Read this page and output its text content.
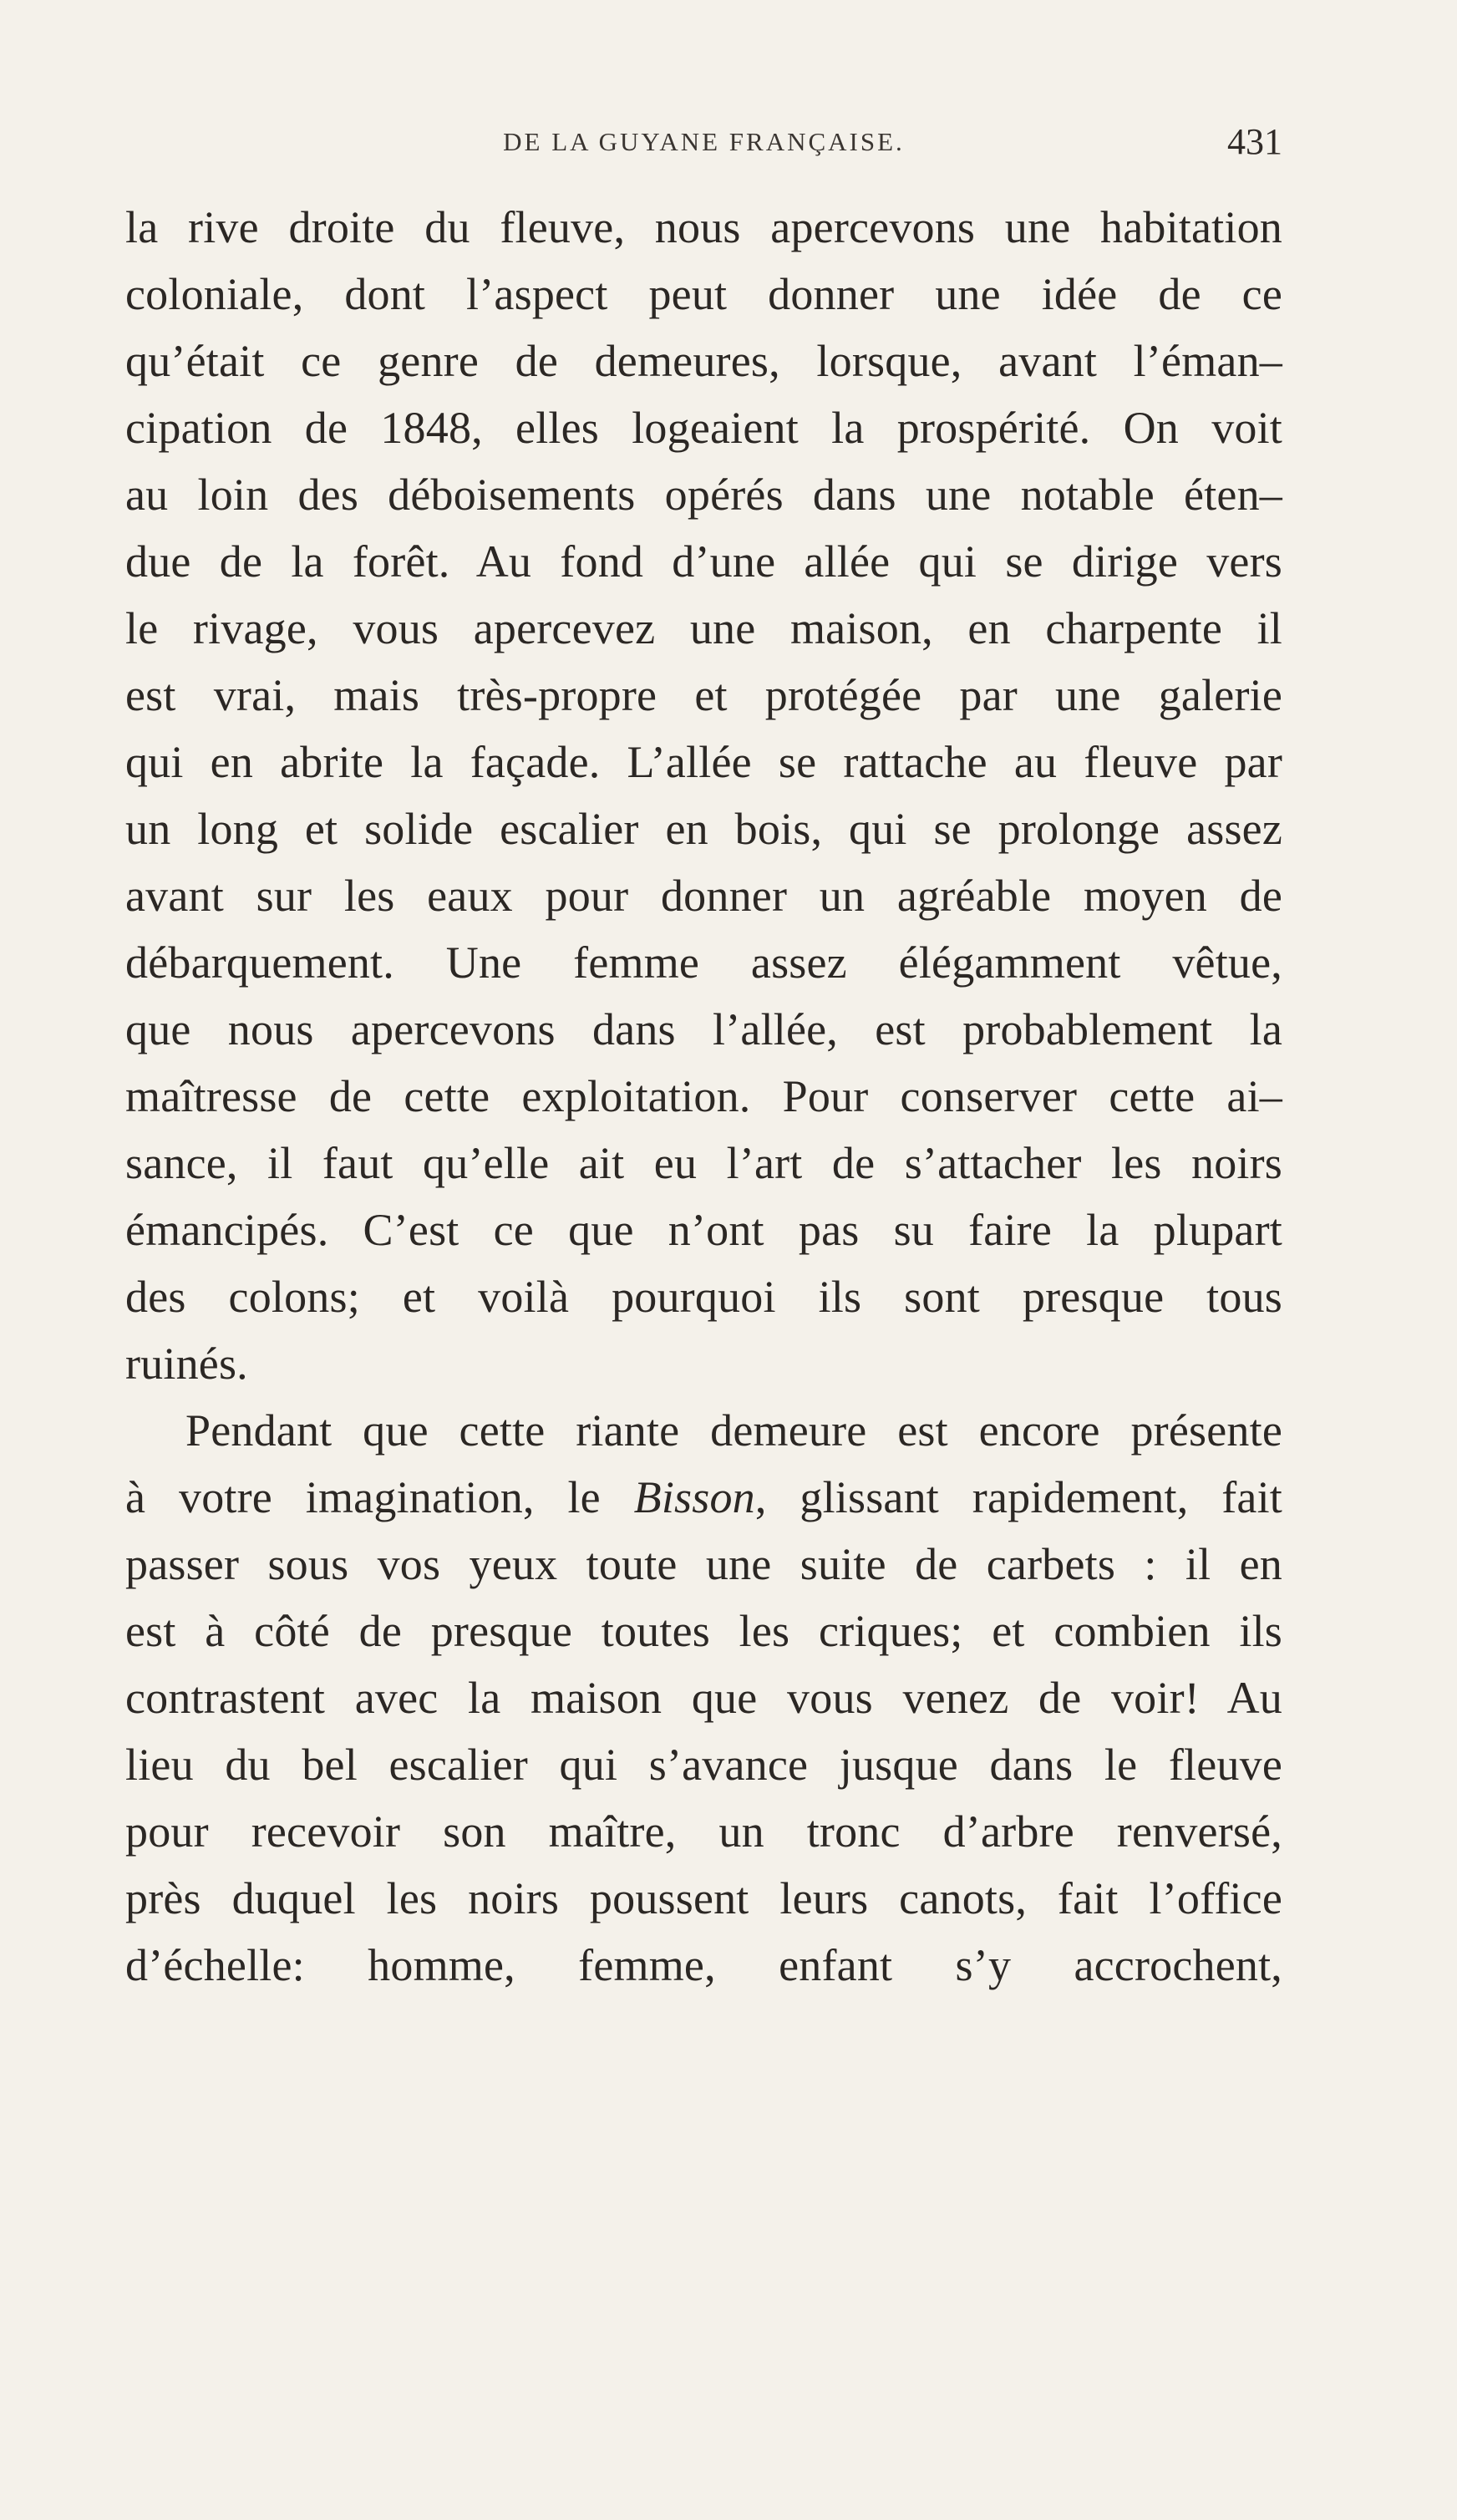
DE LA GUYANE FRANÇAISE.	431
la rive droite du fleuve, nous apercevons une habitation
coloniale, dont l’aspect peut donner une idée de ce
qu’était ce genre de demeures, lorsque, avant l’éman–
cipation de 1848, elles logeaient la prospérité. On voit
au loin des déboisements opérés dans une notable éten–
due de la forêt. Au fond d’une allée qui se dirige vers
le rivage, vous apercevez une maison, en charpente il
est vrai, mais très-propre et protégée par une galerie
qui en abrite la façade. L’allée se rattache au fleuve par
un long et solide escalier en bois, qui se prolonge assez
avant sur les eaux pour donner un agréable moyen de
débarquement. Une femme assez élégamment vêtue,
que nous apercevons dans l’allée, est probablement la
maîtresse de cette exploitation. Pour conserver cette ai–
sance, il faut qu’elle ait eu l’art de s’attacher les noirs
émancipés. C’est ce que n’ont pas su faire la plupart
des colons; et voilà pourquoi ils sont presque tous
ruinés.
Pendant que cette riante demeure est encore présente
à votre imagination, le Bisson, glissant rapidement, fait
passer sous vos yeux toute une suite de carbets : il en
est à côté de presque toutes les criques; et combien ils
contrastent avec la maison que vous venez de voir! Au
lieu du bel escalier qui s’avance jusque dans le fleuve
pour recevoir son maître, un tronc d’arbre renversé,
près duquel les noirs poussent leurs canots, fait l’office
d’échelle: homme, femme, enfant s’y accrochent,
